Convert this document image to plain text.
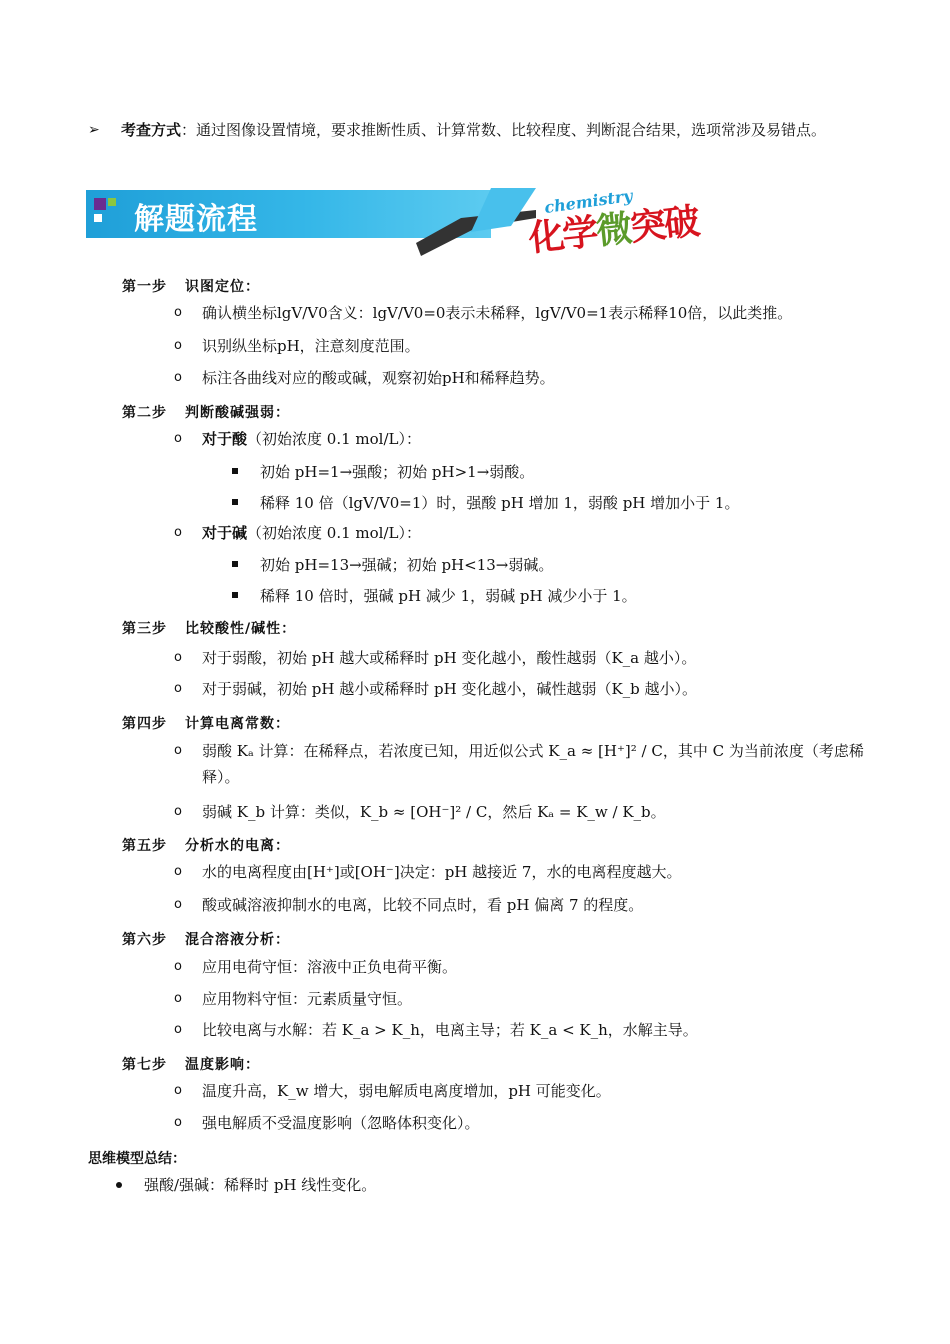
➢	考查方式：通过图像设置情境，要求推断性质、计算常数、比较程度、判断混合结果，选项常涉及易错点。
解题流程
chemistry
化学微突破
第一步 识图定位：
o	确认横坐标lgV/V0含义：lgV/V0=0表示未稀释，lgV/V0=1表示稀释10倍，以此类推。
o	识别纵坐标pH，注意刻度范围。
o	标注各曲线对应的酸或碱，观察初始pH和稀释趋势。
第二步 判断酸碱强弱：
o	对于酸（初始浓度 0.1 mol/L）：
初始 pH=1→强酸；初始 pH>1→弱酸。
稀释 10 倍（lgV/V0=1）时，强酸 pH 增加 1，弱酸 pH 增加小于 1。
o	对于碱（初始浓度 0.1 mol/L）：
初始 pH=13→强碱；初始 pH<13→弱碱。
稀释 10 倍时，强碱 pH 减少 1，弱碱 pH 减少小于 1。
第三步 比较酸性/碱性：
o	对于弱酸，初始 pH 越大或稀释时 pH 变化越小，酸性越弱（K_a 越小）。
o	对于弱碱，初始 pH 越小或稀释时 pH 变化越小，碱性越弱（K_b 越小）。
第四步 计算电离常数：
o	弱酸 Kₐ 计算：在稀释点，若浓度已知，用近似公式 K_a ≈ [H⁺]² / C，其中 C 为当前浓度（考虑稀释）。
o	弱碱 K_b 计算：类似，K_b ≈ [OH⁻]² / C，然后 Kₐ = K_w / K_b。
第五步 分析水的电离：
o	水的电离程度由[H⁺]或[OH⁻]决定：pH 越接近 7，水的电离程度越大。
o	酸或碱溶液抑制水的电离，比较不同点时，看 pH 偏离 7 的程度。
第六步 混合溶液分析：
o	应用电荷守恒：溶液中正负电荷平衡。
o	应用物料守恒：元素质量守恒。
o	比较电离与水解：若 K_a > K_h，电离主导；若 K_a < K_h，水解主导。
第七步 温度影响：
o	温度升高，K_w 增大，弱电解质电离度增加，pH 可能变化。
o	强电解质不受温度影响（忽略体积变化）。
思维模型总结：
强酸/强碱：稀释时 pH 线性变化。
